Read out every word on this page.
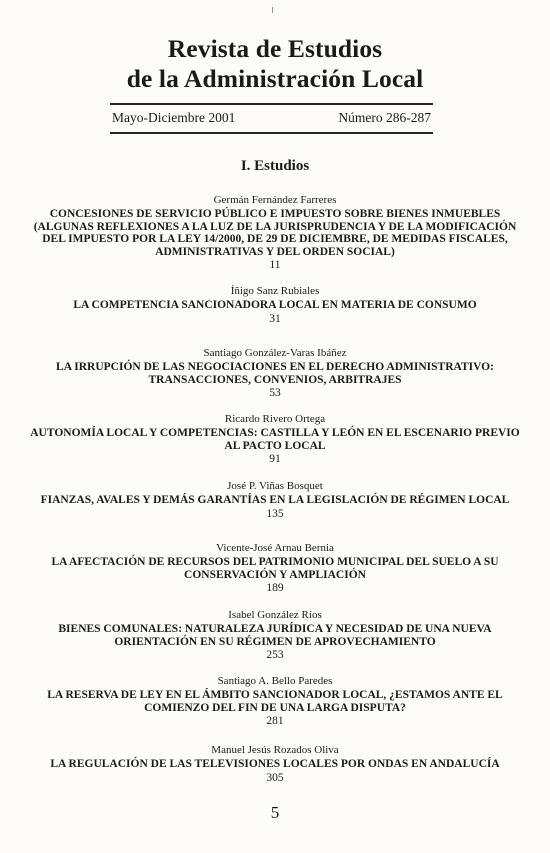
Revista de Estudios
de la Administración Local
Mayo-Diciembre 2001	Número 286-287
I. Estudios
Germán Fernández Farreres
CONCESIONES DE SERVICIO PÚBLICO E IMPUESTO SOBRE BIENES INMUEBLES (ALGUNAS REFLEXIONES A LA LUZ DE LA JURISPRUDENCIA Y DE LA MODIFICACIÓN DEL IMPUESTO POR LA LEY 14/2000, DE 29 DE DICIEMBRE, DE MEDIDAS FISCALES, ADMINISTRATIVAS Y DEL ORDEN SOCIAL)
11
Íñigo Sanz Rubiales
LA COMPETENCIA SANCIONADORA LOCAL EN MATERIA DE CONSUMO
31
Santiago González-Varas Ibáñez
LA IRRUPCIÓN DE LAS NEGOCIACIONES EN EL DERECHO ADMINISTRATIVO: TRANSACCIONES, CONVENIOS, ARBITRAJES
53
Ricardo Rivero Ortega
AUTONOMÍA LOCAL Y COMPETENCIAS: CASTILLA Y LEÓN EN EL ESCENARIO PREVIO AL PACTO LOCAL
91
José P. Viñas Bosquet
FIANZAS, AVALES Y DEMÁS GARANTÍAS EN LA LEGISLACIÓN DE RÉGIMEN LOCAL
135
Vicente-José Arnau Bernia
LA AFECTACIÓN DE RECURSOS DEL PATRIMONIO MUNICIPAL DEL SUELO A SU CONSERVACIÓN Y AMPLIACIÓN
189
Isabel González Ríos
BIENES COMUNALES: NATURALEZA JURÍDICA Y NECESIDAD DE UNA NUEVA ORIENTACIÓN EN SU RÉGIMEN DE APROVECHAMIENTO
253
Santiago A. Bello Paredes
LA RESERVA DE LEY EN EL ÁMBITO SANCIONADOR LOCAL, ¿ESTAMOS ANTE EL COMIENZO DEL FIN DE UNA LARGA DISPUTA?
281
Manuel Jesús Rozados Oliva
LA REGULACIÓN DE LAS TELEVISIONES LOCALES POR ONDAS EN ANDALUCÍA
305
5
